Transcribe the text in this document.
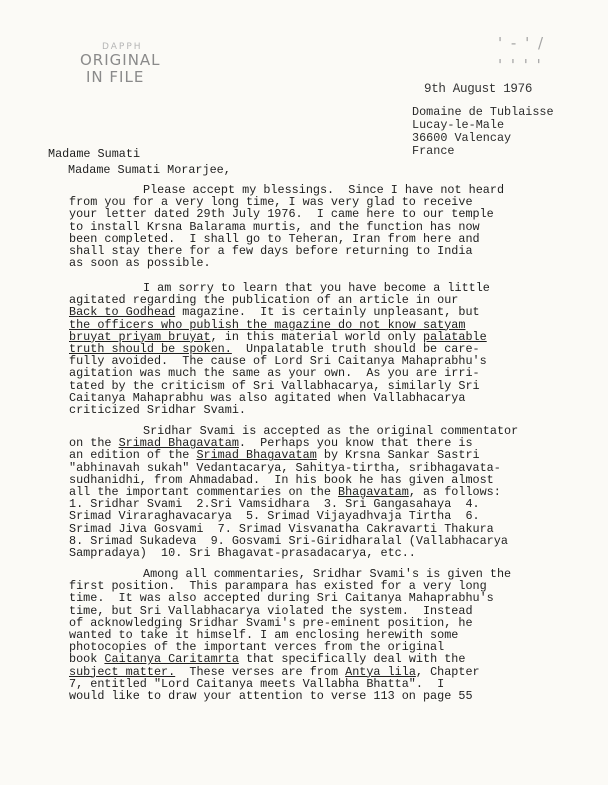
DAPPH
ORIGINAL
IN FILE
' - ' /
' ' ' '
9th August 1976
Domaine de Tublaisse
Lucay-le-Male
36600 Valencay
France
Madame Sumati
Madame Sumati Morarjee,
Please accept my blessings.  Since I have not heard
from you for a very long time, I was very glad to receive
your letter dated 29th July 1976.  I came here to our temple
to install Krsna Balarama murtis, and the function has now
been completed.  I shall go to Teheran, Iran from here and
shall stay there for a few days before returning to India
as soon as possible.
I am sorry to learn that you have become a little
agitated regarding the publication of an article in our
Back to Godhead magazine.  It is certainly unpleasant, but
the officers who publish the magazine do not know satyam
bruyat priyam bruyat, in this material world only palatable
truth should be spoken.  Unpalatable truth should be care-
fully avoided.  The cause of Lord Sri Caitanya Mahaprabhu's
agitation was much the same as your own.  As you are irri-
tated by the criticism of Sri Vallabhacarya, similarly Sri
Caitanya Mahaprabhu was also agitated when Vallabhacarya
criticized Sridhar Svami.
Sridhar Svami is accepted as the original commentator
on the Srimad Bhagavatam.  Perhaps you know that there is
an edition of the Srimad Bhagavatam by Krsna Sankar Sastri
"abhinavah sukah" Vedantacarya, Sahitya-tirtha, sribhagavata-
sudhanidhi, from Ahmadabad.  In his book he has given almost
all the important commentaries on the Bhagavatam, as follows:
1. Sridhar Svami  2.Sri Vamsidhara  3. Sri Gangasahaya  4.
Srimad Viraraghavacarya  5. Srimad Vijayadhvaja Tirtha  6.
Srimad Jiva Gosvami  7. Srimad Visvanatha Cakravarti Thakura
8. Srimad Sukadeva  9. Gosvami Sri-Giridharalal (Vallabhacarya
Sampradaya)  10. Sri Bhagavat-prasadacarya, etc..
Among all commentaries, Sridhar Svami's is given the
first position.  This parampara has existed for a very long
time.  It was also accepted during Sri Caitanya Mahaprabhu's
time, but Sri Vallabhacarya violated the system.  Instead
of acknowledging Sridhar Svami's pre-eminent position, he
wanted to take it himself. I am enclosing herewith some
photocopies of the important verces from the original
book Caitanya Caritamrta that specifically deal with the
subject matter.  These verses are from Antya lila, Chapter
7, entitled "Lord Caitanya meets Vallabha Bhatta".  I
would like to draw your attention to verse 113 on page 55
